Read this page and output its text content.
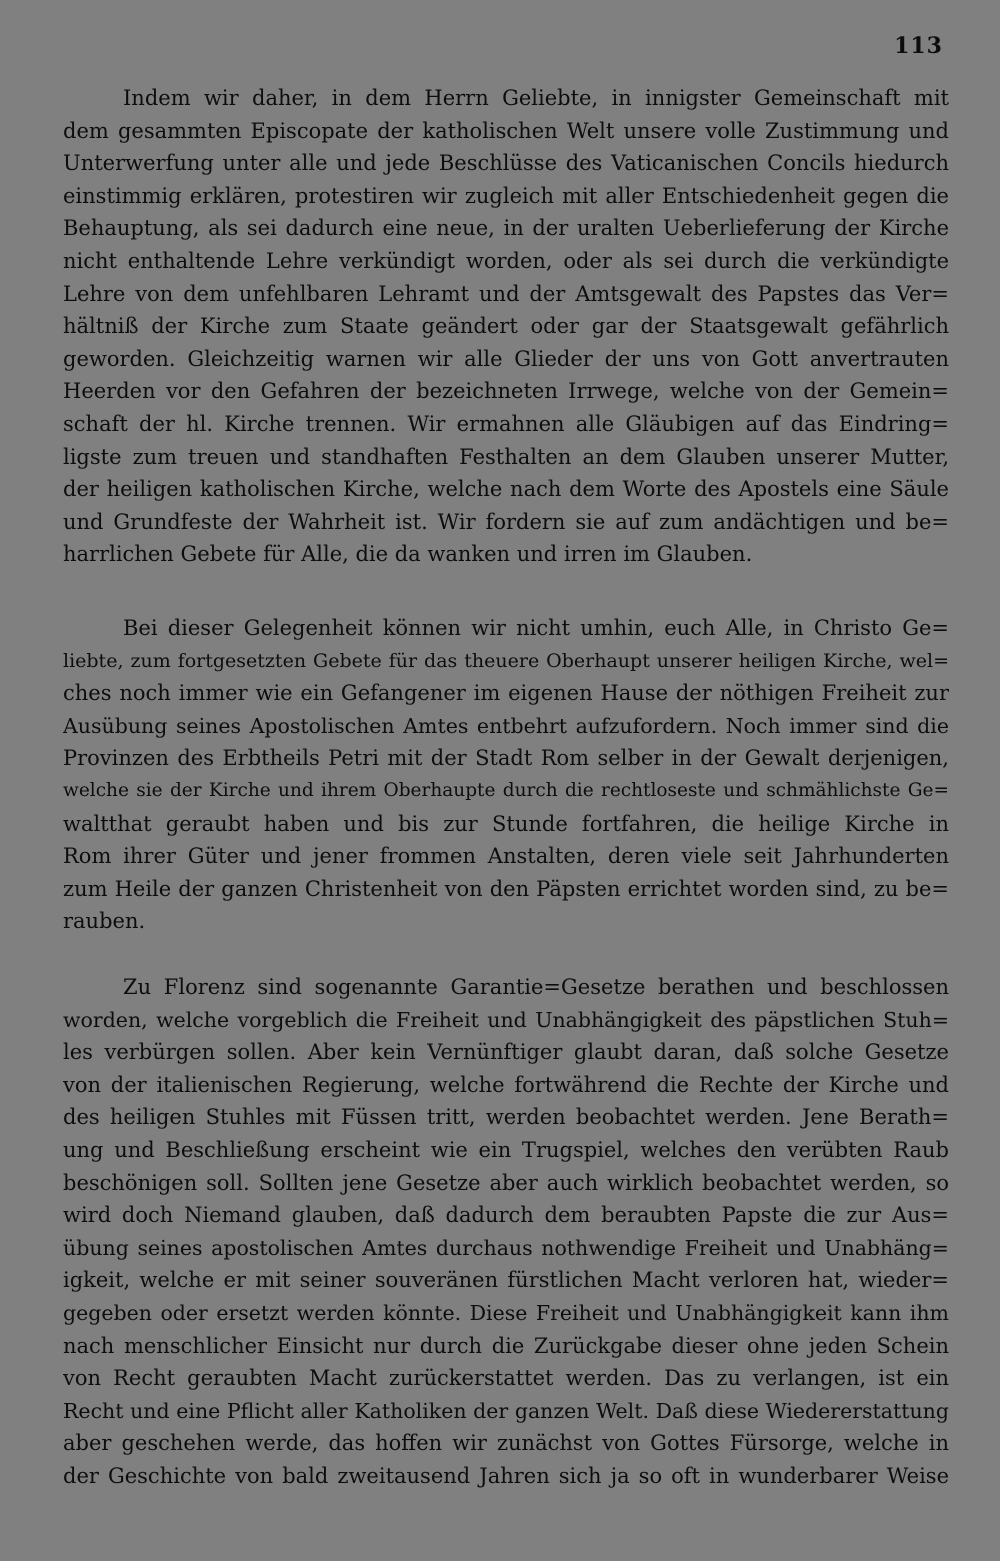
113
Indem wir daher, in dem Herrn Geliebte, in innigster Gemeinschaft mit
dem gesammten Episcopate der katholischen Welt unsere volle Zustimmung und
Unterwerfung unter alle und jede Beschlüsse des Vaticanischen Concils hiedurch
einstimmig erklären, protestiren wir zugleich mit aller Entschiedenheit gegen die
Behauptung, als sei dadurch eine neue, in der uralten Ueberlieferung der Kirche
nicht enthaltende Lehre verkündigt worden, oder als sei durch die verkündigte
Lehre von dem unfehlbaren Lehramt und der Amtsgewalt des Papstes das Ver=
hältniß der Kirche zum Staate geändert oder gar der Staatsgewalt gefährlich
geworden. Gleichzeitig warnen wir alle Glieder der uns von Gott anvertrauten
Heerden vor den Gefahren der bezeichneten Irrwege, welche von der Gemein=
schaft der hl. Kirche trennen. Wir ermahnen alle Gläubigen auf das Eindring=
ligste zum treuen und standhaften Festhalten an dem Glauben unserer Mutter,
der heiligen katholischen Kirche, welche nach dem Worte des Apostels eine Säule
und Grundfeste der Wahrheit ist. Wir fordern sie auf zum andächtigen und be=
harrlichen Gebete für Alle, die da wanken und irren im Glauben.
Bei dieser Gelegenheit können wir nicht umhin, euch Alle, in Christo Ge=
liebte, zum fortgesetzten Gebete für das theuere Oberhaupt unserer heiligen Kirche, wel=
ches noch immer wie ein Gefangener im eigenen Hause der nöthigen Freiheit zur
Ausübung seines Apostolischen Amtes entbehrt aufzufordern. Noch immer sind die
Provinzen des Erbtheils Petri mit der Stadt Rom selber in der Gewalt derjenigen,
welche sie der Kirche und ihrem Oberhaupte durch die rechtloseste und schmählichste Ge=
waltthat geraubt haben und bis zur Stunde fortfahren, die heilige Kirche in
Rom ihrer Güter und jener frommen Anstalten, deren viele seit Jahrhunderten
zum Heile der ganzen Christenheit von den Päpsten errichtet worden sind, zu be=
rauben.
Zu Florenz sind sogenannte Garantie=Gesetze berathen und beschlossen
worden, welche vorgeblich die Freiheit und Unabhängigkeit des päpstlichen Stuh=
les verbürgen sollen. Aber kein Vernünftiger glaubt daran, daß solche Gesetze
von der italienischen Regierung, welche fortwährend die Rechte der Kirche und
des heiligen Stuhles mit Füssen tritt, werden beobachtet werden. Jene Berath=
ung und Beschließung erscheint wie ein Trugspiel, welches den verübten Raub
beschönigen soll. Sollten jene Gesetze aber auch wirklich beobachtet werden, so
wird doch Niemand glauben, daß dadurch dem beraubten Papste die zur Aus=
übung seines apostolischen Amtes durchaus nothwendige Freiheit und Unabhäng=
igkeit, welche er mit seiner souveränen fürstlichen Macht verloren hat, wieder=
gegeben oder ersetzt werden könnte. Diese Freiheit und Unabhängigkeit kann ihm
nach menschlicher Einsicht nur durch die Zurückgabe dieser ohne jeden Schein
von Recht geraubten Macht zurückerstattet werden. Das zu verlangen, ist ein
Recht und eine Pflicht aller Katholiken der ganzen Welt. Daß diese Wiedererstattung
aber geschehen werde, das hoffen wir zunächst von Gottes Fürsorge, welche in
der Geschichte von bald zweitausend Jahren sich ja so oft in wunderbarer Weise
